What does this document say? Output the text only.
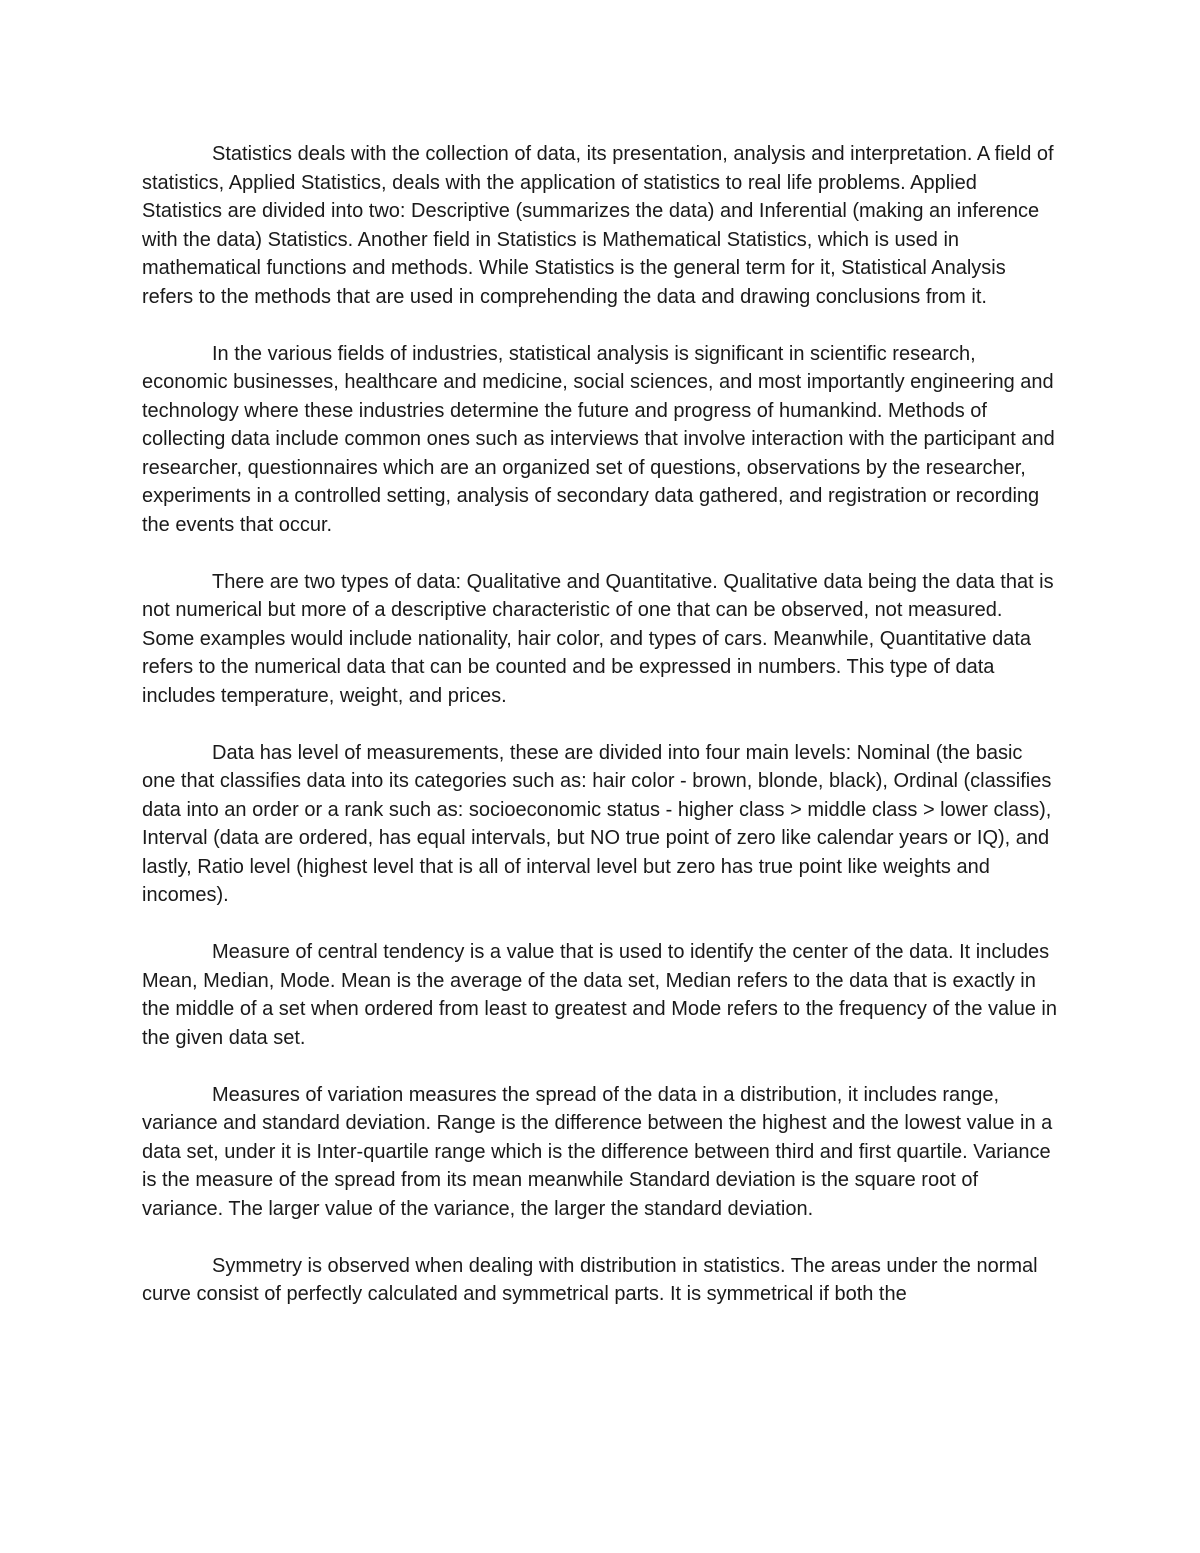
Statistics deals with the collection of data, its presentation, analysis and interpretation. A field of statistics, Applied Statistics, deals with the application of statistics to real life problems. Applied Statistics are divided into two: Descriptive (summarizes the data) and Inferential (making an inference with the data) Statistics. Another field in Statistics is Mathematical Statistics, which is used in mathematical functions and methods. While Statistics is the general term for it, Statistical Analysis refers to the methods that are used in comprehending the data and drawing conclusions from it.

In the various fields of industries, statistical analysis is significant in scientific research, economic businesses, healthcare and medicine, social sciences, and most importantly engineering and technology where these industries determine the future and progress of humankind. Methods of collecting data include common ones such as interviews that involve interaction with the participant and researcher, questionnaires which are an organized set of questions, observations by the researcher, experiments in a controlled setting, analysis of secondary data gathered, and registration or recording the events that occur.

There are two types of data: Qualitative and Quantitative. Qualitative data being the data that is not numerical but more of a descriptive characteristic of one that can be observed, not measured. Some examples would include nationality, hair color, and types of cars. Meanwhile, Quantitative data refers to the numerical data that can be counted and be expressed in numbers. This type of data includes temperature, weight, and prices.

Data has level of measurements, these are divided into four main levels: Nominal (the basic one that classifies data into its categories such as: hair color - brown, blonde, black), Ordinal (classifies data into an order or a rank such as: socioeconomic status - higher class > middle class > lower class), Interval (data are ordered, has equal intervals, but NO true point of zero like calendar years or IQ), and lastly, Ratio level (highest level that is all of interval level but zero has true point like weights and incomes).

Measure of central tendency is a value that is used to identify the center of the data. It includes Mean, Median, Mode. Mean is the average of the data set, Median refers to the data that is exactly in the middle of a set when ordered from least to greatest and Mode refers to the frequency of the value in the given data set.

Measures of variation measures the spread of the data in a distribution, it includes range, variance and standard deviation. Range is the difference between the highest and the lowest value in a data set, under it is Inter-quartile range which is the difference between third and first quartile. Variance is the measure of the spread from its mean meanwhile Standard deviation is the square root of variance. The larger value of the variance, the larger the standard deviation.

Symmetry is observed when dealing with distribution in statistics. The areas under the normal curve consist of perfectly calculated and symmetrical parts. It is symmetrical if both the
